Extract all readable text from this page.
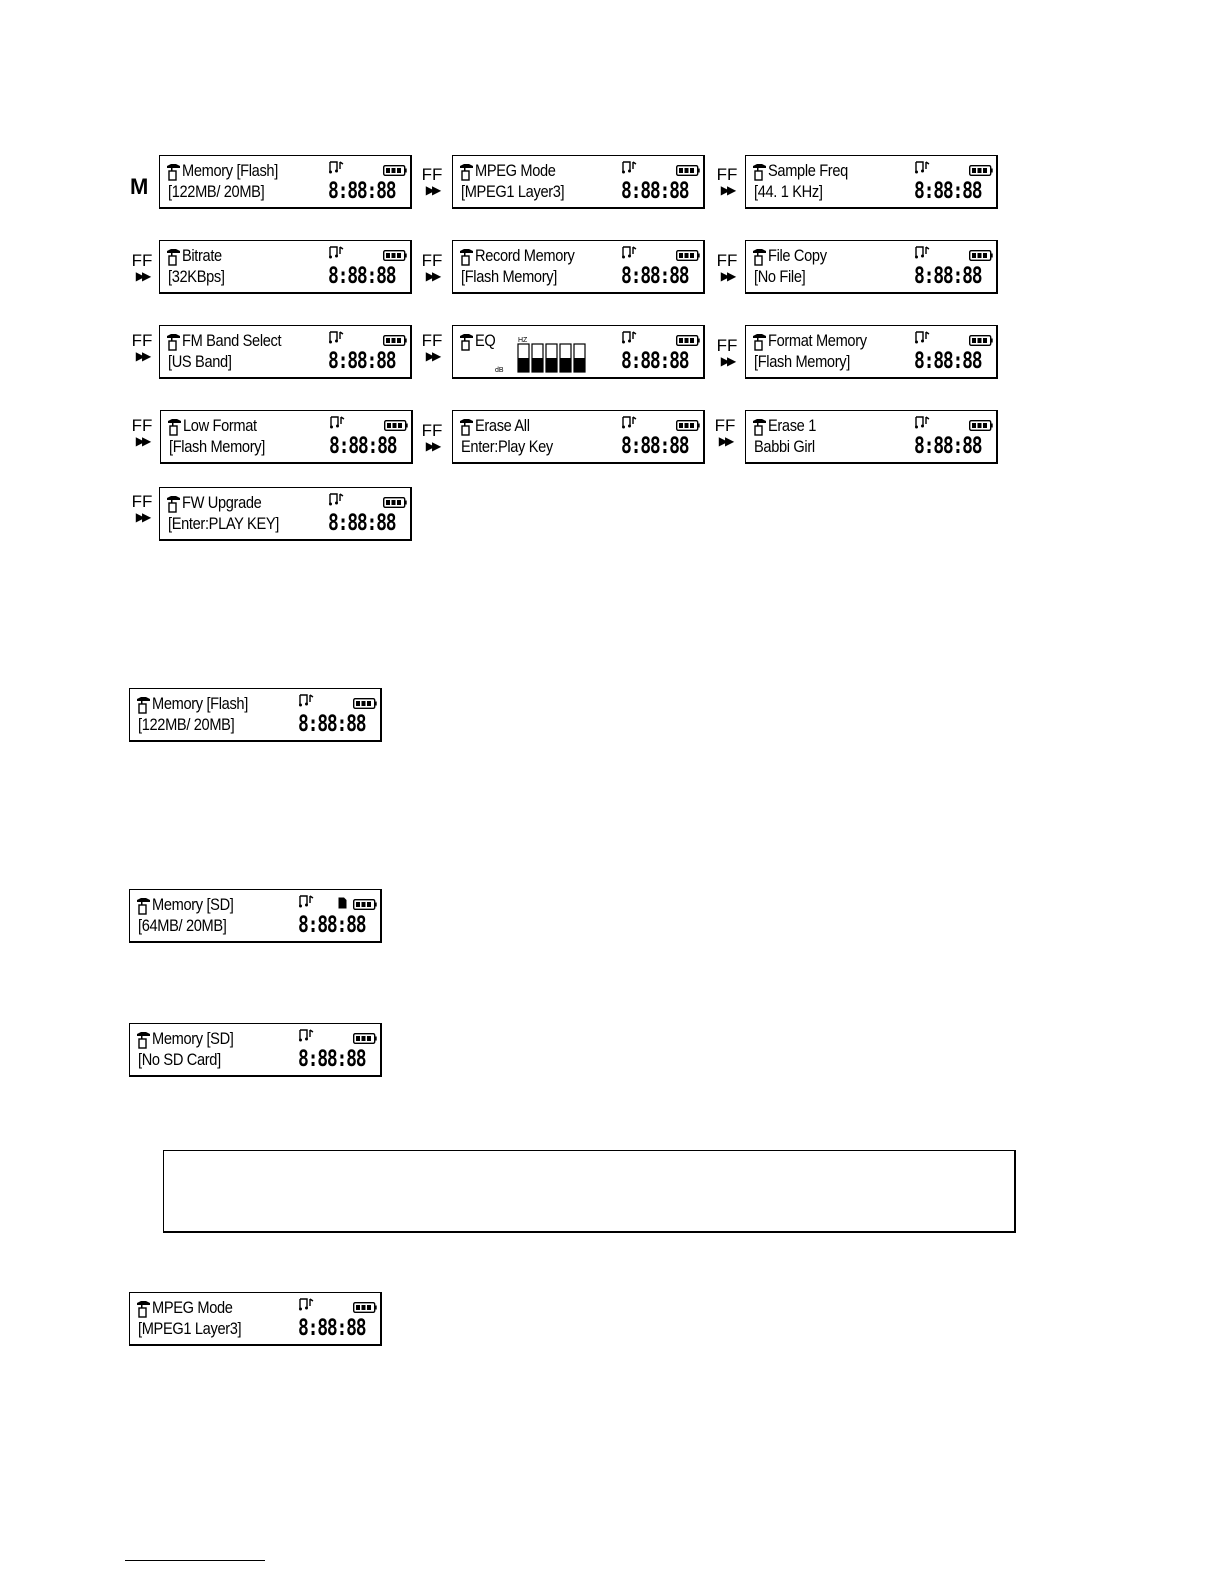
M	FF
▶▶
FF
▶▶
FF
▶▶
FF
▶▶
FF
▶▶
FF
▶▶
FF
▶▶
FF
▶▶
FF
▶▶
FF
▶▶
FF
▶▶
FF
▶▶
Memory [Flash]
[122MB/ 20MB]	8:88:88
MPEG Mode
[MPEG1 Layer3]	8:88:88
Sample Freq
[44. 1 KHz]	8:88:88
Bitrate
[32KBps]	8:88:88
Record Memory
[Flash Memory]	8:88:88
File Copy
[No File]	8:88:88
FM Band Select
[US Band]	8:88:88
EQ
8:88:88
HZ
dB
Format Memory
[Flash Memory]	8:88:88
Low Format
[Flash Memory]	8:88:88
Erase All
Enter:Play Key	8:88:88
Erase 1
Babbi Girl	8:88:88
FW Upgrade
[Enter:PLAY KEY] 8:88:88
Memory [Flash]
[122MB/ 20MB]	8:88:88
Memory [SD]
[64MB/ 20MB]	8:88:88
Memory [SD]
[No SD Card]	8:88:88
MPEG Mode
[MPEG1 Layer3]	8:88:88
